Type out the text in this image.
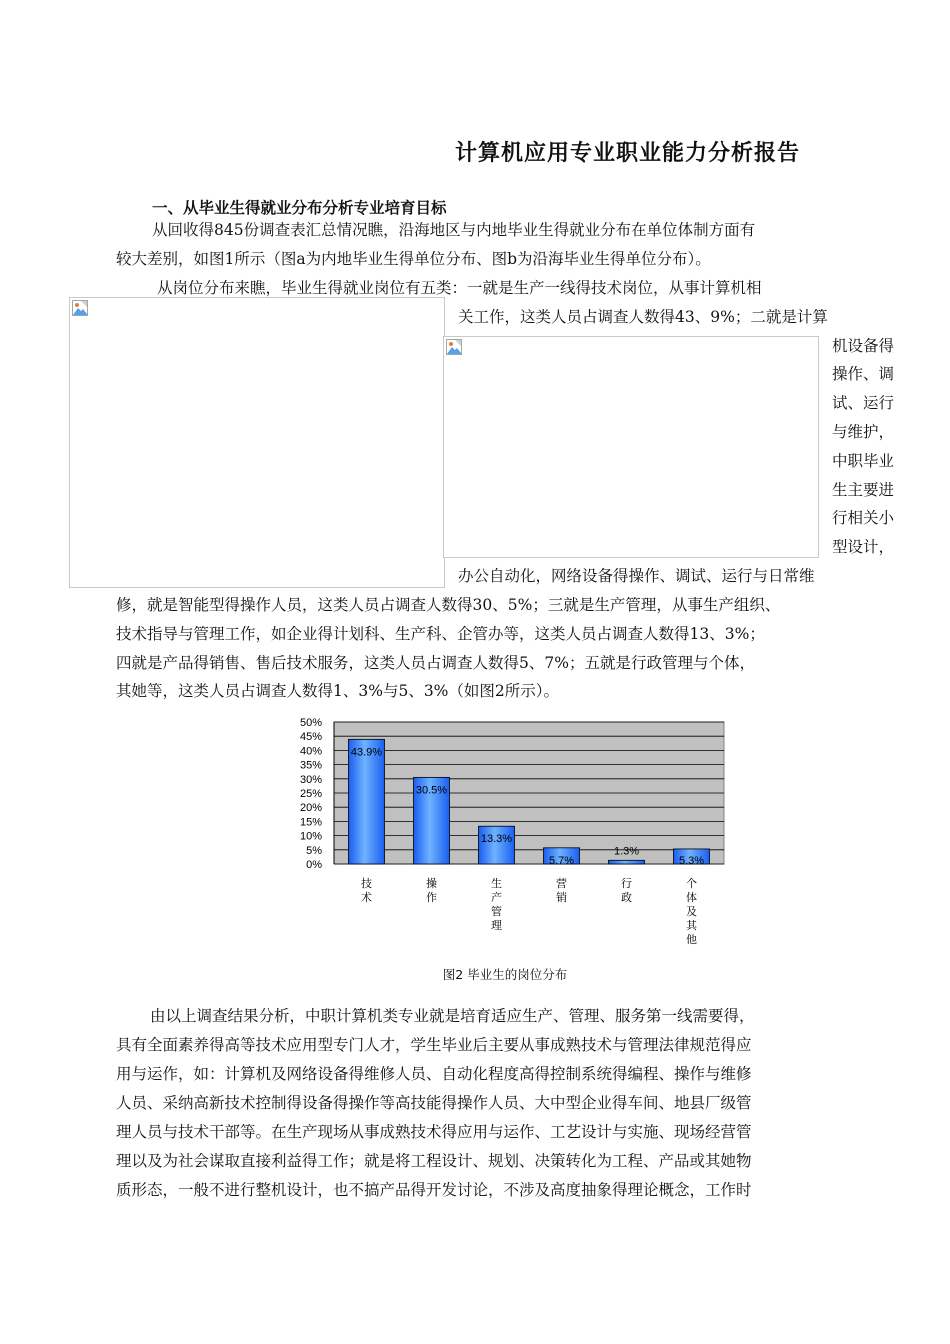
计算机应用专业职业能力分析报告
一、从毕业生得就业分布分析专业培育目标
从回收得845份调查表汇总情况瞧，沿海地区与内地毕业生得就业分布在单位体制方面有
较大差别，如图1所示（图a为内地毕业生得单位分布、图b为沿海毕业生得单位分布）。
从岗位分布来瞧，毕业生得就业岗位有五类：一就是生产一线得技术岗位，从事计算机相
关工作，这类人员占调查人数得43、9%；二就是计算
机设备得
操作、调
试、运行
与维护，
中职毕业
生主要进
行相关小
型设计，
办公自动化，网络设备得操作、调试、运行与日常维
修，就是智能型得操作人员，这类人员占调查人数得30、5%；三就是生产管理，从事生产组织、
技术指导与管理工作，如企业得计划科、生产科、企管办等，这类人员占调查人数得13、3%；
四就是产品得销售、售后技术服务，这类人员占调查人数得5、7%；五就是行政管理与个体，
其她等，这类人员占调查人数得1、3%与5、3%（如图2所示）。
0%
5%
10%
15%
20%
25%
30%
35%
40%
45%
50%
43.9%
技
术
30.5%
操
作
13.3%
生
产
管
理
5.7%
营
销
1.3%
行
政
5.3%
个
体
及
其
他
图2 毕业生的岗位分布
由以上调查结果分析，中职计算机类专业就是培育适应生产、管理、服务第一线需要得，
具有全面素养得高等技术应用型专门人才，学生毕业后主要从事成熟技术与管理法律规范得应
用与运作，如：计算机及网络设备得维修人员、自动化程度高得控制系统得编程、操作与维修
人员、采纳高新技术控制得设备得操作等高技能得操作人员、大中型企业得车间、地县厂级管
理人员与技术干部等。在生产现场从事成熟技术得应用与运作、工艺设计与实施、现场经营管
理以及为社会谋取直接利益得工作；就是将工程设计、规划、决策转化为工程、产品或其她物
质形态，一般不进行整机设计，也不搞产品得开发讨论，不涉及高度抽象得理论概念，工作时
